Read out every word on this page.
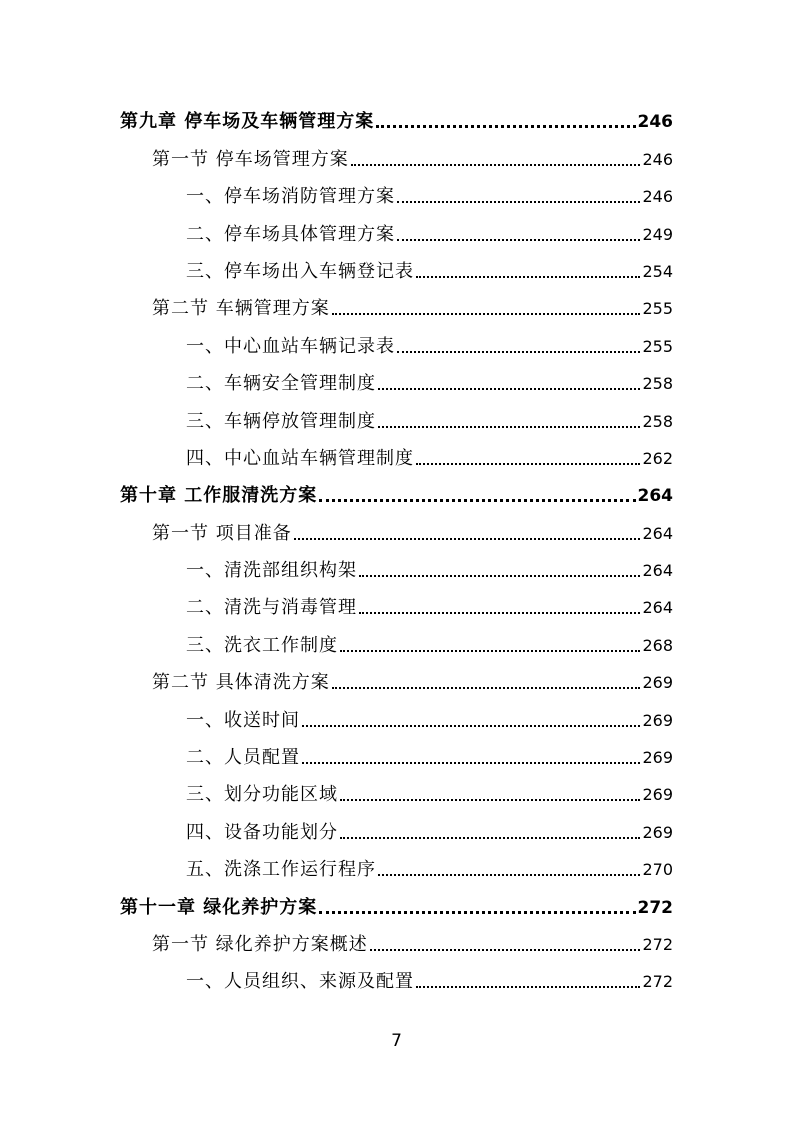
第九章 停车场及车辆管理方案	246
第一节 停车场管理方案	246
一、停车场消防管理方案	246
二、停车场具体管理方案	249
三、停车场出入车辆登记表	254
第二节 车辆管理方案	255
一、中心血站车辆记录表	255
二、车辆安全管理制度	258
三、车辆停放管理制度	258
四、中心血站车辆管理制度	262
第十章 工作服清洗方案	264
第一节 项目准备	264
一、清洗部组织构架	264
二、清洗与消毒管理	264
三、洗衣工作制度	268
第二节 具体清洗方案	269
一、收送时间	269
二、人员配置	269
三、划分功能区域	269
四、设备功能划分	269
五、洗涤工作运行程序	270
第十一章 绿化养护方案	272
第一节 绿化养护方案概述	272
一、人员组织、来源及配置	272
7
